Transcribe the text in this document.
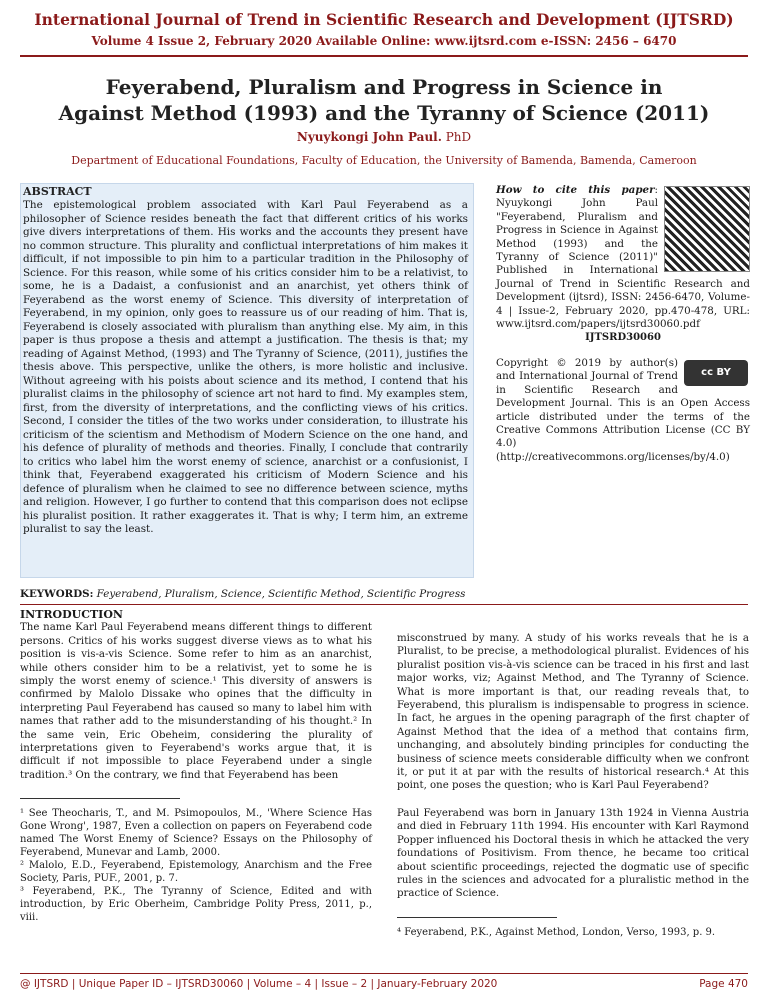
International Journal of Trend in Scientific Research and Development (IJTSRD)
Volume 4 Issue 2, February 2020 Available Online: www.ijtsrd.com e-ISSN: 2456 – 6470
Feyerabend, Pluralism and Progress in Science in
Against Method (1993) and the Tyranny of Science (2011)
Nyuykongi John Paul. PhD
Department of Educational Foundations, Faculty of Education, the University of Bamenda, Bamenda, Cameroon
ABSTRACT
The epistemological problem associated with Karl Paul Feyerabend as a philosopher of Science resides beneath the fact that different critics of his works give divers interpretations of them. His works and the accounts they present have no common structure. This plurality and conflictual interpretations of him makes it difficult, if not impossible to pin him to a particular tradition in the Philosophy of Science. For this reason, while some of his critics consider him to be a relativist, to some, he is a Dadaist, a confusionist and an anarchist, yet others think of Feyerabend as the worst enemy of Science. This diversity of interpretation of Feyerabend, in my opinion, only goes to reassure us of our reading of him. That is, Feyerabend is closely associated with pluralism than anything else. My aim, in this paper is thus propose a thesis and attempt a justification. The thesis is that; my reading of Against Method, (1993) and The Tyranny of Science, (2011), justifies the thesis above. This perspective, unlike the others, is more holistic and inclusive. Without agreeing with his poists about science and its method, I contend that his pluralist claims in the philosophy of science art not hard to find. My examples stem, first, from the diversity of interpretations, and the conflicting views of his critics. Second, I consider the titles of the two works under consideration, to illustrate his criticism of the scientism and Methodism of Modern Science on the one hand, and his defence of plurality of methods and theories. Finally, I conclude that contrarily to critics who label him the worst enemy of science, anarchist or a confusionist, I think that, Feyerabend exaggerated his criticism of Modern Science and his defence of pluralism when he claimed to see no difference between science, myths and religion. However, I go further to contend that this comparison does not eclipse his pluralist position. It rather exaggerates it. That is why; I term him, an extreme pluralist to say the least.
How to cite this paper: Nyuykongi John Paul "Feyerabend, Pluralism and Progress in Science in Against Method (1993) and the Tyranny of Science (2011)" Published in International Journal of Trend in Scientific Research and Development (ijtsrd), ISSN: 2456-6470, Volume-4 | Issue-2, February 2020, pp.470-478, URL: www.ijtsrd.com/papers/ijtsrd30060.pdf
IJTSRD30060
cc BY
Copyright © 2019 by author(s) and International Journal of Trend in Scientific Research and Development Journal. This is an Open Access article distributed under the terms of the Creative Commons Attribution License (CC BY 4.0) (http://creativecommons.org/licenses/by/4.0)
KEYWORDS: Feyerabend, Pluralism, Science, Scientific Method, Scientific Progress

INTRODUCTION

The name Karl Paul Feyerabend means different things to different persons. Critics of his works suggest diverse views as to what his position is vis-a-vis Science. Some refer to him as an anarchist, while others consider him to be a relativist, yet to some he is simply the worst enemy of science.¹ This diversity of answers is confirmed by Malolo Dissake who opines that the difficulty in interpreting Paul Feyerabend has caused so many to label him with names that rather add to the misunderstanding of his thought.² In the same vein, Eric Obeheim, considering the plurality of interpretations given to Feyerabend's works argue that, it is difficult if not impossible to place Feyerabend under a single tradition.³ On the contrary, we find that Feyerabend has been

¹ See Theocharis, T., and M. Psimopoulos, M., 'Where Science Has Gone Wrong', 1987, Even a collection on papers on Feyerabend code named The Worst Enemy of Science? Essays on the Philosophy of Feyerabend, Munevar and Lamb, 2000.

² Malolo, E.D., Feyerabend, Epistemology, Anarchism and the Free Society, Paris, PUF., 2001, p. 7.

³ Feyerabend, P.K., The Tyranny of Science, Edited and with introduction, by Eric Oberheim, Cambridge Polity Press, 2011, p., viii.

misconstrued by many. A study of his works reveals that he is a Pluralist, to be precise, a methodological pluralist. Evidences of his pluralist position vis-à-vis science can be traced in his first and last major works, viz; Against Method, and The Tyranny of Science. What is more important is that, our reading reveals that, to Feyerabend, this pluralism is indispensable to progress in science. In fact, he argues in the opening paragraph of the first chapter of Against Method that the idea of a method that contains firm, unchanging, and absolutely binding principles for conducting the business of science meets considerable difficulty when we confront it, or put it at par with the results of historical research.⁴ At this point, one poses the question; who is Karl Paul Feyerabend?

Paul Feyerabend was born in January 13th 1924 in Vienna Austria and died in February 11th 1994. His encounter with Karl Raymond Popper influenced his Doctoral thesis in which he attacked the very foundations of Positivism. From thence, he became too critical about scientific proceedings, rejected the dogmatic use of specific rules in the sciences and advocated for a pluralistic method in the practice of Science.

⁴ Feyerabend, P.K., Against Method, London, Verso, 1993, p. 9.

@ IJTSRD | Unique Paper ID – IJTSRD30060 | Volume – 4 | Issue – 2 | January-February 2020	Page 470
